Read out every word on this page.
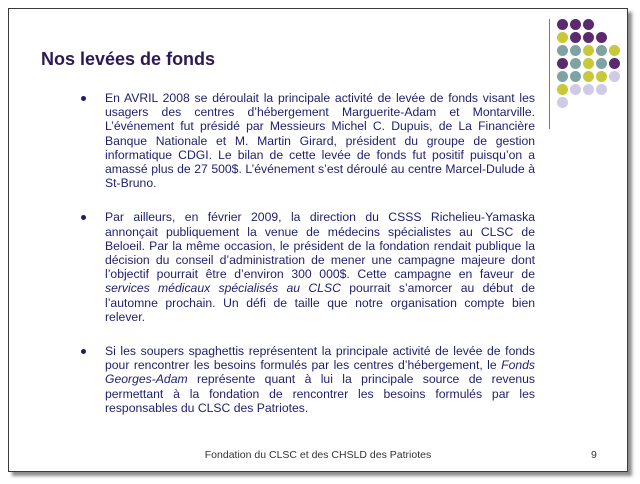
Nos levées de fonds
En AVRIL 2008 se déroulait la principale activité de levée de fonds visant les usagers des centres d’hébergement Marguerite-Adam et Montarville. L’événement fut présidé par Messieurs Michel C. Dupuis, de La Financière Banque Nationale et M. Martin Girard, président du groupe de gestion informatique CDGI. Le bilan de cette levée de fonds fut positif puisqu’on a amassé plus de 27 500$. L’événement s’est déroulé au centre Marcel-Dulude à St-Bruno.
Par ailleurs, en février 2009, la direction du CSSS Richelieu-Yamaska annonçait publiquement la venue de médecins spécialistes au CLSC de Beloeil. Par la même occasion, le président de la fondation rendait publique la décision du conseil d’administration de mener une campagne majeure dont l’objectif pourrait être d’environ 300 000$. Cette campagne en faveur de services médicaux spécialisés au CLSC pourrait s’amorcer au début de l’automne prochain. Un défi de taille que notre organisation compte bien relever.
Si les soupers spaghettis représentent la principale activité de levée de fonds pour rencontrer les besoins formulés par les centres d’hébergement, le Fonds Georges-Adam représente quant à lui la principale source de revenus permettant à la fondation de rencontrer les besoins formulés par les responsables du CLSC des Patriotes.
Fondation du CLSC et des CHSLD des Patriotes	9
